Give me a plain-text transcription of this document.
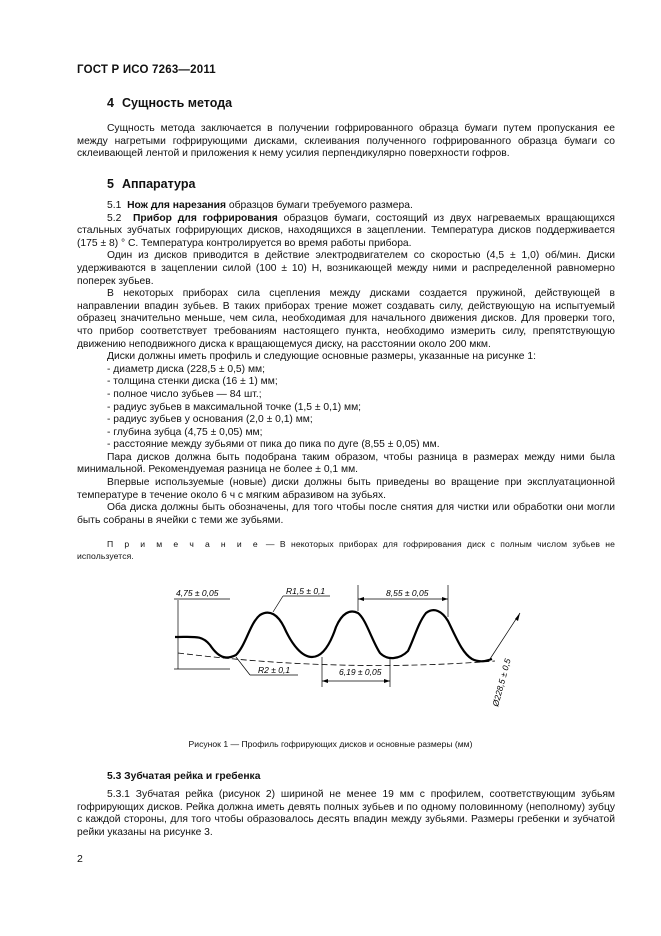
ГОСТ Р ИСО 7263—2011
4 Сущность метода

Сущность метода заключается в получении гофрированного образца бумаги путем пропускания ее между нагретыми гофрирующими дисками, склеивания полученного гофрированного образца бумаги со склеивающей лентой и приложения к нему усилия перпендикулярно поверхности гофров.

5 Аппаратура

5.1 Нож для нарезания образцов бумаги требуемого размера.

5.2 Прибор для гофрирования образцов бумаги, состоящий из двух нагреваемых вращающихся стальных зубчатых гофрирующих дисков, находящихся в зацеплении. Температура дисков поддерживается (175 ± 8) ° C. Температура контролируется во время работы прибора.

Один из дисков приводится в действие электродвигателем со скоростью (4,5 ± 1,0) об/мин. Диски удерживаются в зацеплении силой (100 ± 10) Н, возникающей между ними и распределенной равномерно поперек зубьев.

В некоторых приборах сила сцепления между дисками создается пружиной, действующей в направлении впадин зубьев. В таких приборах трение может создавать силу, действующую на испытуемый образец значительно меньше, чем сила, необходимая для начального движения дисков. Для проверки того, что прибор соответствует требованиям настоящего пункта, необходимо измерить силу, препятствующую движению неподвижного диска к вращающемуся диску, на расстоянии около 200 мкм.

Диски должны иметь профиль и следующие основные размеры, указанные на рисунке 1:

- диаметр диска (228,5 ± 0,5) мм;

- толщина стенки диска (16 ± 1) мм;

- полное число зубьев — 84 шт.;

- радиус зубьев в максимальной точке (1,5 ± 0,1) мм;

- радиус зубьев у основания (2,0 ± 0,1) мм;

- глубина зубца (4,75 ± 0,05) мм;

- расстояние между зубьями от пика до пика по дуге (8,55 ± 0,05) мм.

Пара дисков должна быть подобрана таким образом, чтобы разница в размерах между ними была минимальной. Рекомендуемая разница не более ± 0,1 мм.

Впервые используемые (новые) диски должны быть приведены во вращение при эксплуатационной температуре в течение около 6 ч с мягким абразивом на зубьях.

Оба диска должны быть обозначены, для того чтобы после снятия для чистки или обработки они могли быть собраны в ячейки с теми же зубьями.

П р и м е ч а н и е — В некоторых приборах для гофрирования диск с полным числом зубьев не используется.
4,75 ± 0,05	R1,5 ± 0,1	8,55 ± 0,05
R2 ± 0,1	6,19 ± 0,05	Ø228,5 ± 0,5
Рисунок 1 — Профиль гофрирующих дисков и основные размеры (мм)
5.3 Зубчатая рейка и гребенка

5.3.1 Зубчатая рейка (рисунок 2) шириной не менее 19 мм с профилем, соответствующим зубьям гофрирующих дисков. Рейка должна иметь девять полных зубьев и по одному половинному (неполному) зубцу с каждой стороны, для того чтобы образовалось десять впадин между зубьями. Размеры гребенки и зубчатой рейки указаны на рисунке 3.

2
